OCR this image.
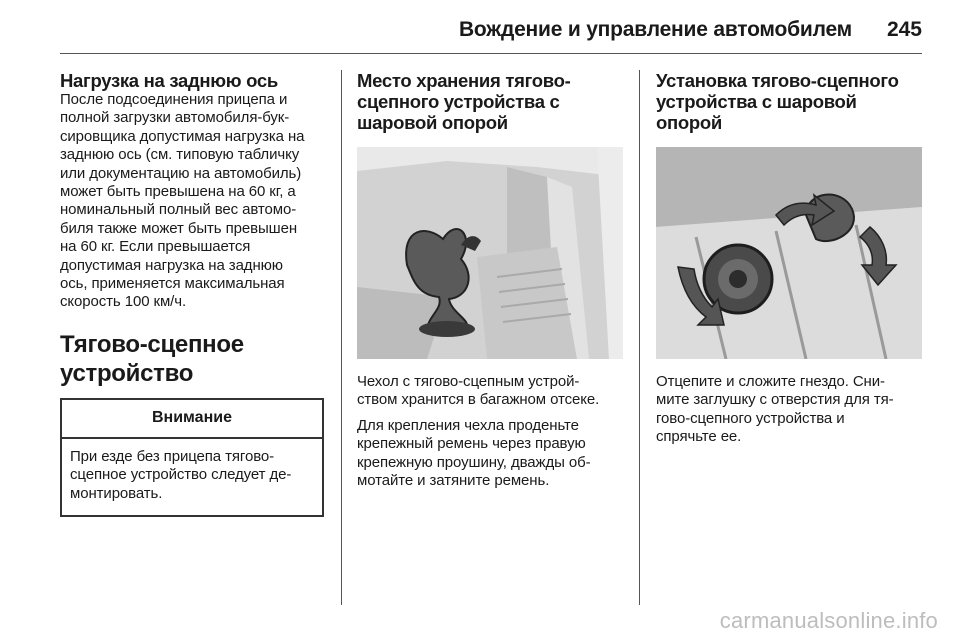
Вождение и управление автомобилем 245
Нагрузка на заднюю ось

После подсоединения прицепа и
полной загрузки автомобиля-бук-
сировщика допустимая нагрузка на
заднюю ось (см. типовую табличку
или документацию на автомобиль)
может быть превышена на 60 кг, а
номинальный полный вес автомо-
биля также может быть превышен
на 60 кг. Если превышается
допустимая нагрузка на заднюю
ось, применяется максимальная
скорость 100 км/ч.

Тягово-сцепное
устройство
Внимание

При езде без прицепа тягово-
сцепное устройство следует де-
монтировать.

Место хранения тягово-
сцепного устройства с
шаровой опорой

Чехол с тягово-сцепным устрой-
ством хранится в багажном отсеке.

Для крепления чехла проденьте
крепежный ремень через правую
крепежную проушину, дважды об-
мотайте и затяните ремень.

Установка тягово-сцепного
устройства с шаровой опорой

Отцепите и сложите гнездо. Сни-
мите заглушку с отверстия для тя-
гово-сцепного устройства и
спрячьте ее.

carmanualsonline.info
